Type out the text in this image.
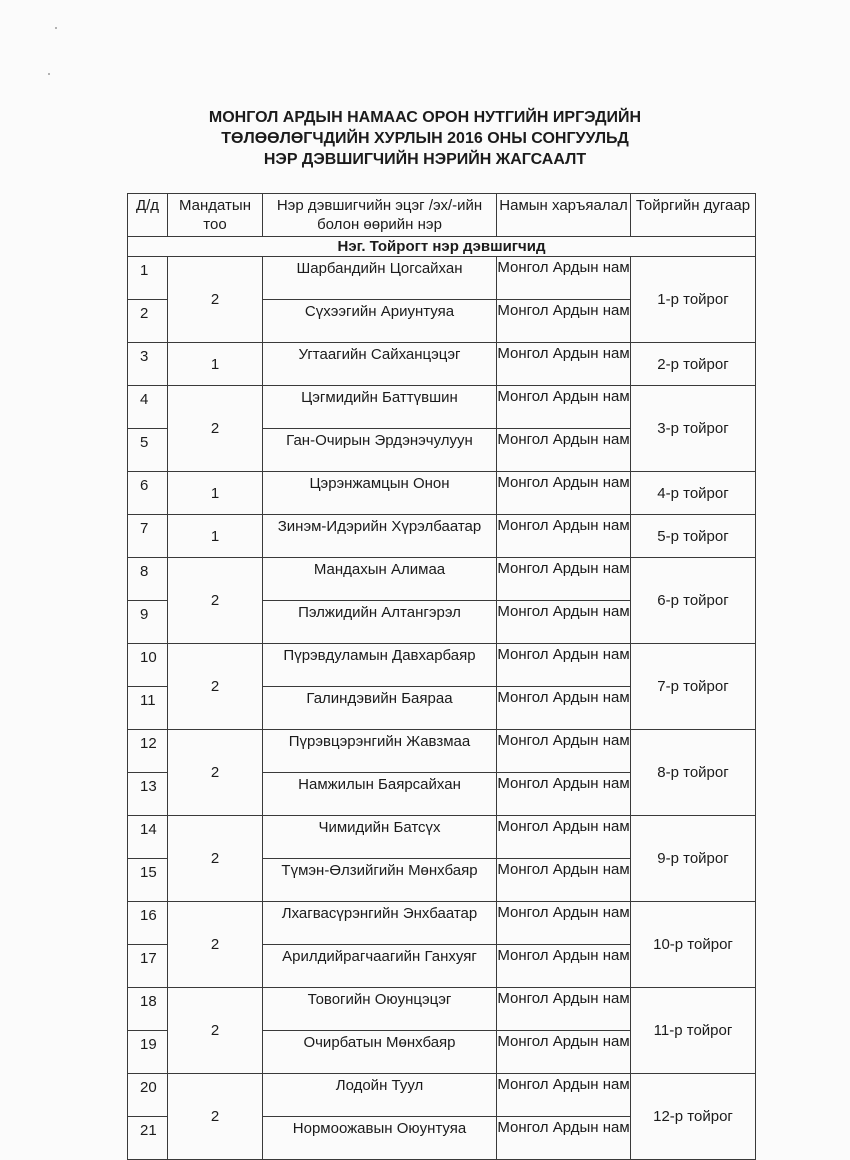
МОНГОЛ АРДЫН НАМААС ОРОН НУТГИЙН ИРГЭДИЙН
ТӨЛӨӨЛӨГЧДИЙН ХУРЛЫН 2016 ОНЫ СОНГУУЛЬД
НЭР ДЭВШИГЧИЙН НЭРИЙН ЖАГСААЛТ
Д/д	Мандатын тоо	Нэр дэвшигчийн эцэг /эх/-ийн болон өөрийн нэр	Намын харъяалал	Тойргийн дугаар
Нэг. Тойрогт нэр дэвшигчид				
1	2	Шарбандийн Цогсайхан	Монгол Ардын нам	1-р тойрог
2		Сүхээгийн Ариунтуяа	Монгол Ардын нам	
3	1	Угтаагийн Сайханцэцэг	Монгол Ардын нам	2-р тойрог
4	2	Цэгмидийн Баттүвшин	Монгол Ардын нам	3-р тойрог
5		Ган-Очирын Эрдэнэчулуун	Монгол Ардын нам	
6	1	Цэрэнжамцын Онон	Монгол Ардын нам	4-р тойрог
7	1	Зинэм-Идэрийн Хүрэлбаатар	Монгол Ардын нам	5-р тойрог
8	2	Мандахын Алимаа	Монгол Ардын нам	6-р тойрог
9		Пэлжидийн Алтангэрэл	Монгол Ардын нам	
10	2	Пүрэвдуламын Давхарбаяр	Монгол Ардын нам	7-р тойрог
11		Галиндэвийн Баяраа	Монгол Ардын нам	
12	2	Пүрэвцэрэнгийн Жавзмаа	Монгол Ардын нам	8-р тойрог
13		Намжилын Баярсайхан	Монгол Ардын нам	
14	2	Чимидийн Батсүх	Монгол Ардын нам	9-р тойрог
15		Түмэн-Өлзийгийн Мөнхбаяр	Монгол Ардын нам	
16	2	Лхагвасүрэнгийн Энхбаатар	Монгол Ардын нам	10-р тойрог
17		Арилдийрагчаагийн Ганхуяг	Монгол Ардын нам	
18	2	Товогийн Оюунцэцэг	Монгол Ардын нам	11-р тойрог
19		Очирбатын Мөнхбаяр	Монгол Ардын нам	
20	2	Лодойн Туул	Монгол Ардын нам	12-р тойрог
21		Нормоожавын Оюунтуяа	Монгол Ардын нам	
